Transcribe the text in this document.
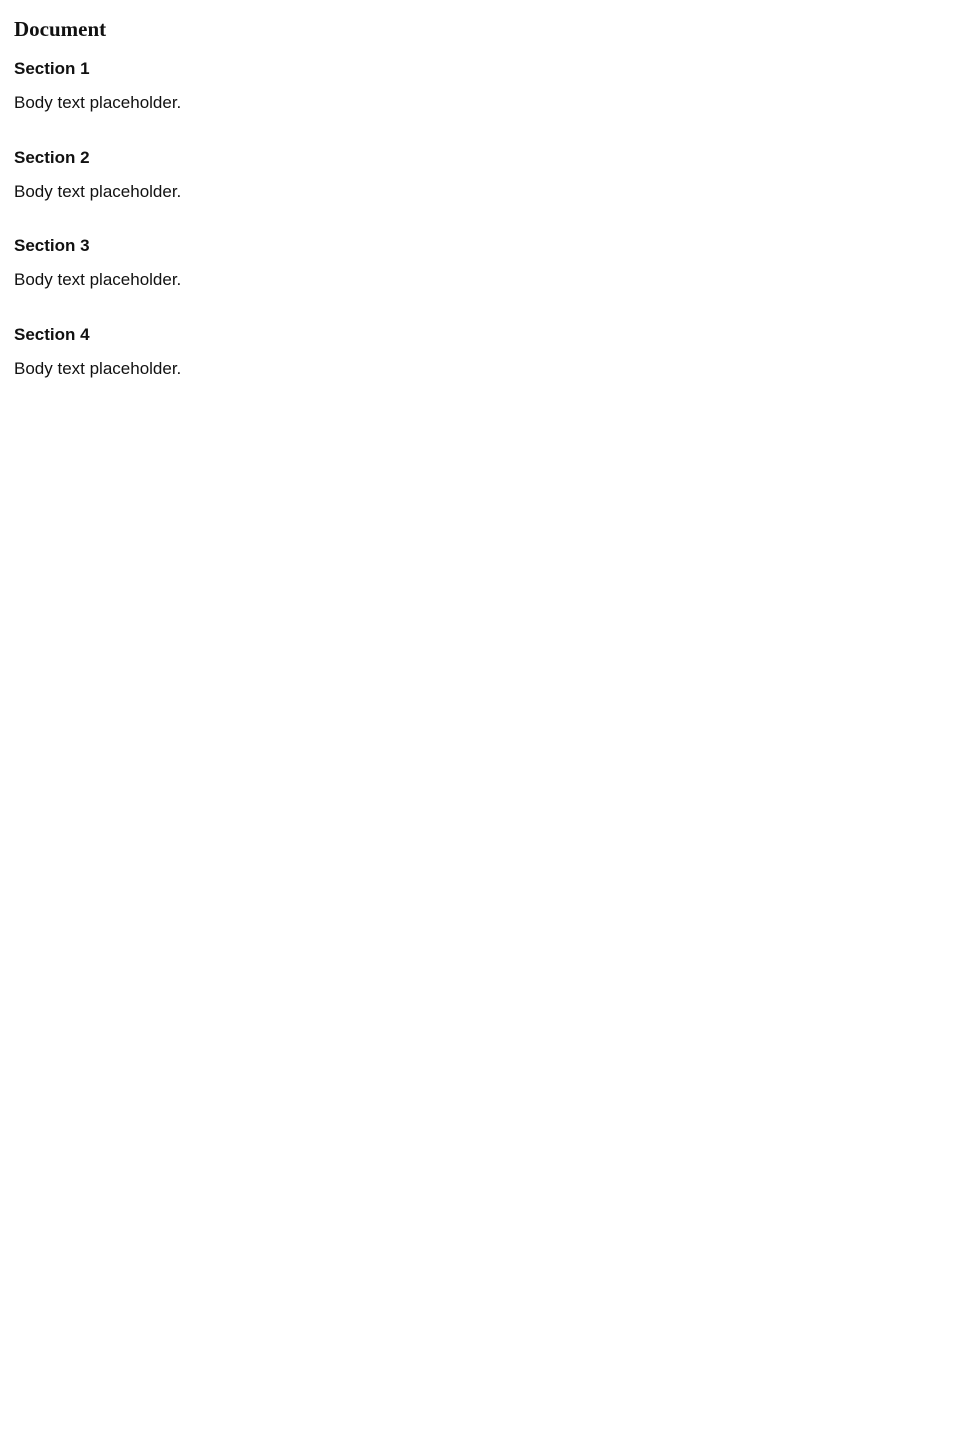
Document
Section 1

Body text placeholder.

Section 2

Body text placeholder.

Section 3

Body text placeholder.

Section 4

Body text placeholder.
